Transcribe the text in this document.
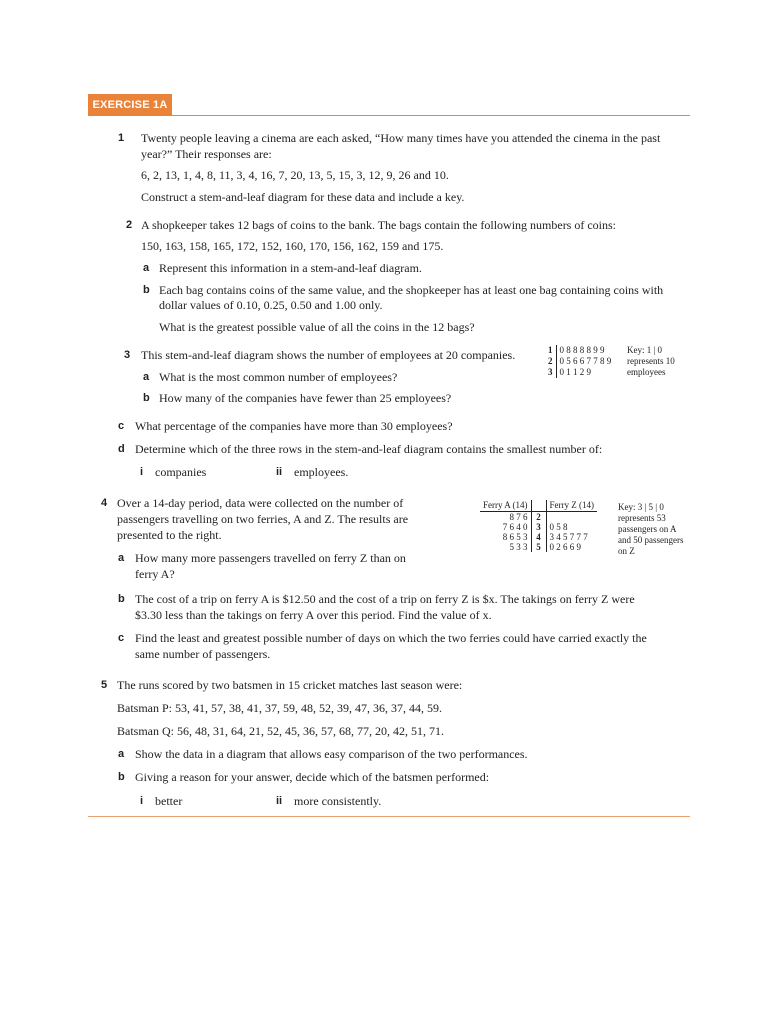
EXERCISE 1A
1 Twenty people leaving a cinema are each asked, “How many times have you attended the cinema in the past
year?” Their responses are:
6, 2, 13, 1, 4, 8, 11, 3, 4, 16, 7, 20, 13, 5, 15, 3, 12, 9, 26 and 10.
Construct a stem-and-leaf diagram for these data and include a key.
2 A shopkeeper takes 12 bags of coins to the bank. The bags contain the following numbers of coins:
150, 163, 158, 165, 172, 152, 160, 170, 156, 162, 159 and 175.
a Represent this information in a stem-and-leaf diagram.
b Each bag contains coins of the same value, and the shopkeeper has at least one bag containing coins with
dollar values of 0.10, 0.25, 0.50 and 1.00 only.
What is the greatest possible value of all the coins in the 12 bags?
3 This stem-and-leaf diagram shows the number of employees at 20 companies.
a What is the most common number of employees?
b How many of the companies have fewer than 25 employees?
1 0 8 8 8 8 9 9
2 0 5 6 6 7 7 8 9
3 0 1 1 2 9
Key: 1 | 0
represents 10
employees
c What percentage of the companies have more than 30 employees?
d Determine which of the three rows in the stem-and-leaf diagram contains the smallest number of:
i companies	ii employees.
4 Over a 14-day period, data were collected on the number of
passengers travelling on two ferries, A and Z. The results are
presented to the right.
a How many more passengers travelled on ferry Z than on
ferry A?
Ferry A (14)		Ferry Z (14)
8 7 6	2	
7 6 4 0	3	0 5 8
8 6 5 3	4	3 4 5 7 7 7
5 3 3	5	0 2 6 6 9
Key: 3 | 5 | 0
represents 53
passengers on A
and 50 passengers
on Z
b The cost of a trip on ferry A is $12.50 and the cost of a trip on ferry Z is $x. The takings on ferry Z were
$3.30 less than the takings on ferry A over this period. Find the value of x.
c Find the least and greatest possible number of days on which the two ferries could have carried exactly the
same number of passengers.
5 The runs scored by two batsmen in 15 cricket matches last season were:
Batsman P: 53, 41, 57, 38, 41, 37, 59, 48, 52, 39, 47, 36, 37, 44, 59.
Batsman Q: 56, 48, 31, 64, 21, 52, 45, 36, 57, 68, 77, 20, 42, 51, 71.
a Show the data in a diagram that allows easy comparison of the two performances.
b Giving a reason for your answer, decide which of the batsmen performed:
i better	ii more consistently.
